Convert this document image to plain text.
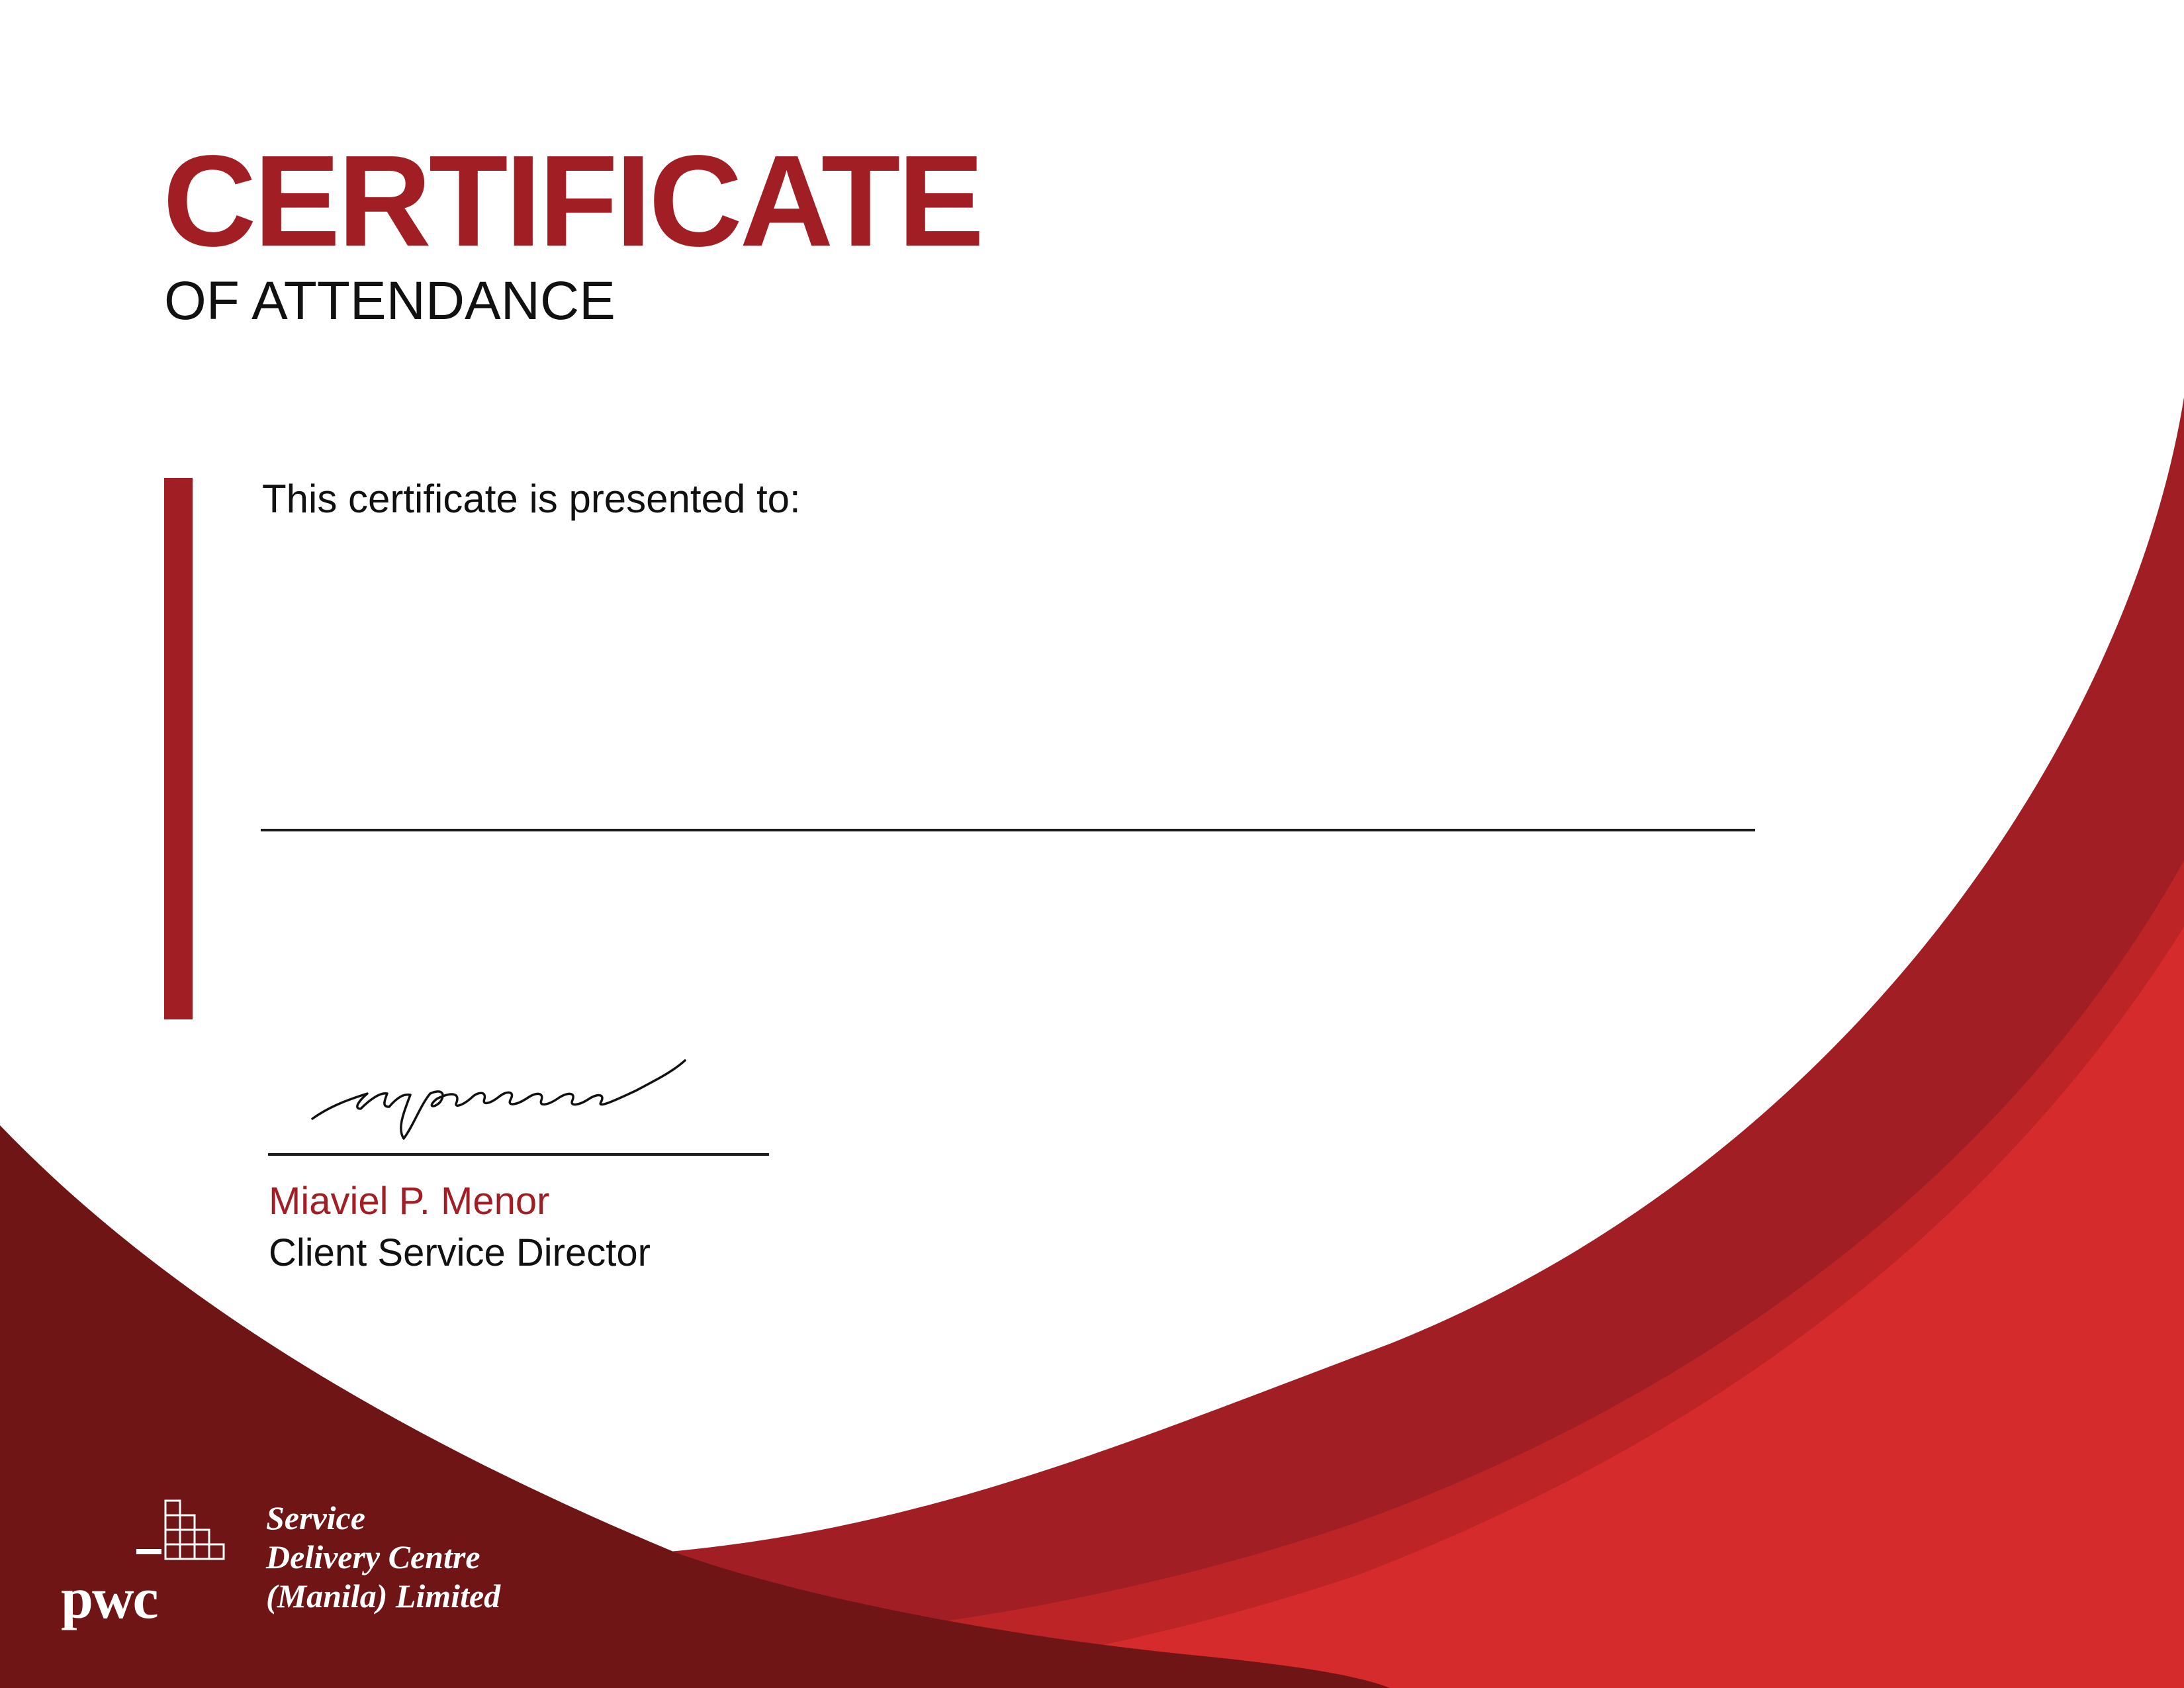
CERTIFICATE
OF ATTENDANCE
This certificate is presented to:
Miaviel P. Menor
Client Service Director
pwc
Service
Delivery Centre
(Manila) Limited
